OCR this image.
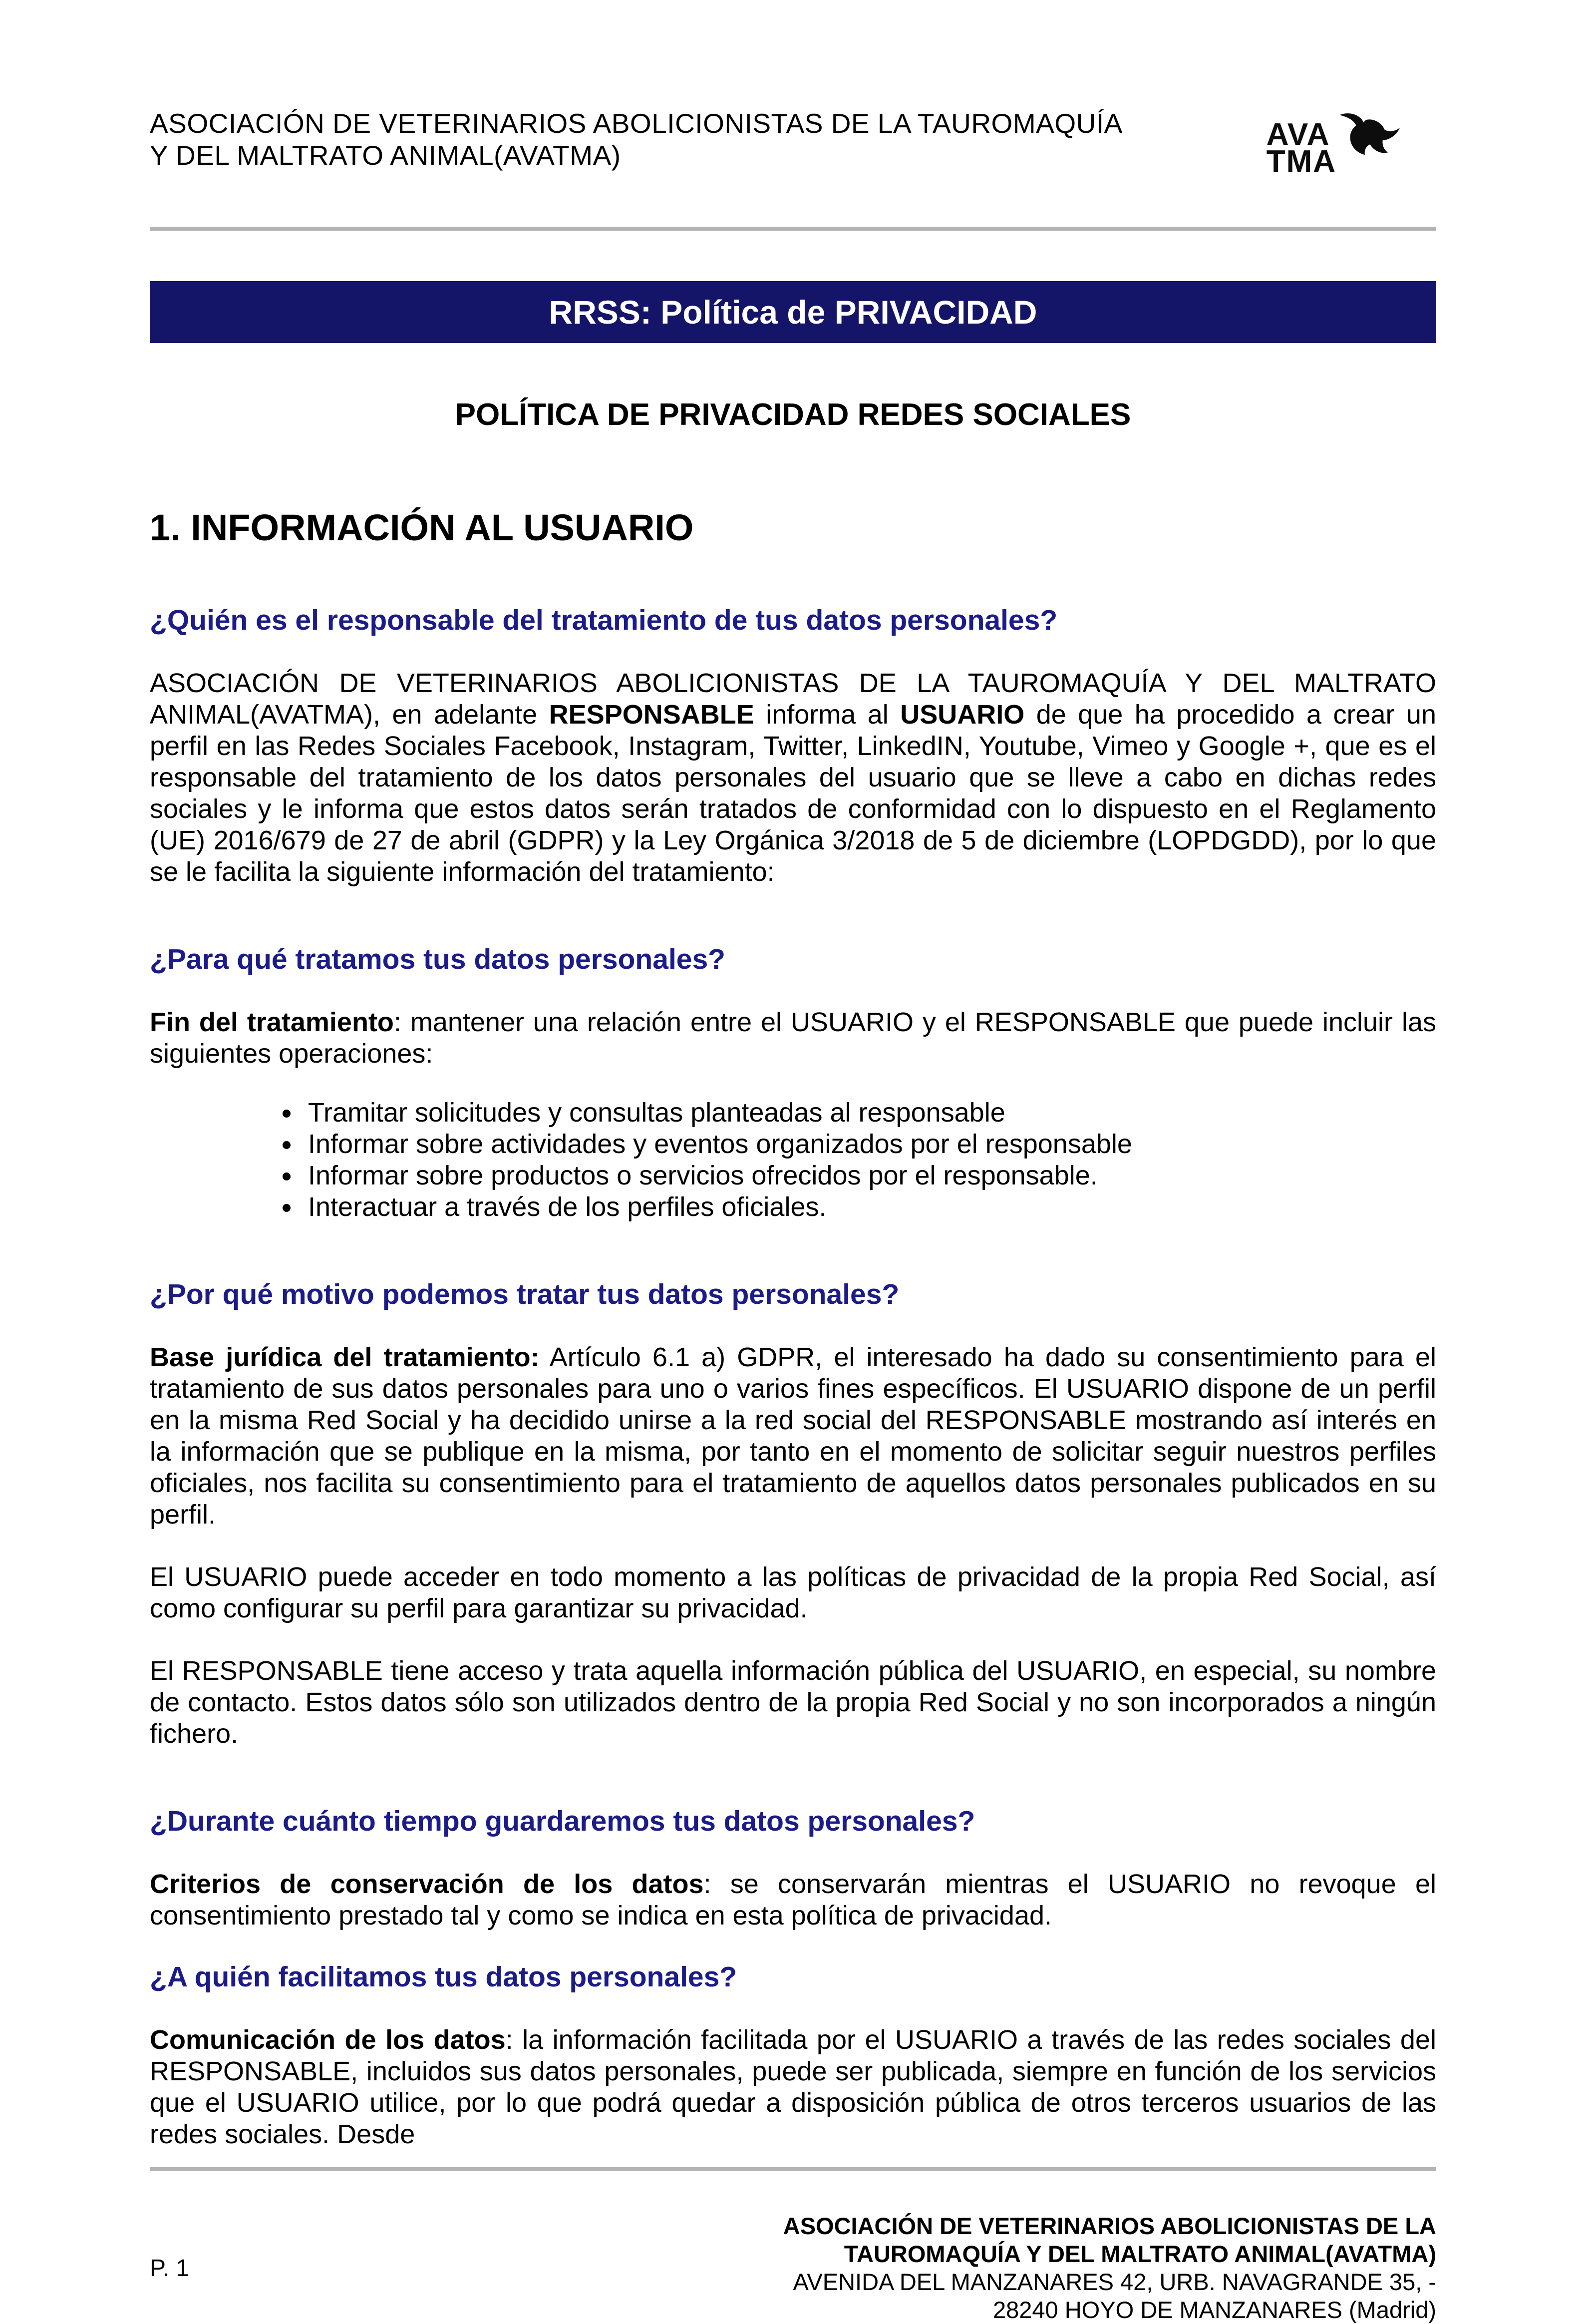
ASOCIACIÓN DE VETERINARIOS ABOLICIONISTAS DE LA TAUROMAQUÍA
Y DEL MALTRATO ANIMAL(AVATMA)
AVA
TMA
RRSS: Política de PRIVACIDAD
POLÍTICA DE PRIVACIDAD REDES SOCIALES
1. INFORMACIÓN AL USUARIO
¿Quién es el responsable del tratamiento de tus datos personales?

ASOCIACIÓN DE VETERINARIOS ABOLICIONISTAS DE LA TAUROMAQUÍA Y DEL MALTRATO ANIMAL(AVATMA), en adelante RESPONSABLE informa al USUARIO de que ha procedido a crear un perfil en las Redes Sociales Facebook, Instagram, Twitter, LinkedIN, Youtube, Vimeo y Google +, que es el responsable del tratamiento de los datos personales del usuario que se lleve a cabo en dichas redes sociales y le informa que estos datos serán tratados de conformidad con lo dispuesto en el Reglamento (UE) 2016/679 de 27 de abril (GDPR) y la Ley Orgánica 3/2018 de 5 de diciembre (LOPDGDD), por lo que se le facilita la siguiente información del tratamiento:

¿Para qué tratamos tus datos personales?

Fin del tratamiento: mantener una relación entre el USUARIO y el RESPONSABLE que puede incluir las siguientes operaciones:

• Tramitar solicitudes y consultas planteadas al responsable
• Informar sobre actividades y eventos organizados por el responsable
• Informar sobre productos o servicios ofrecidos por el responsable.
• Interactuar a través de los perfiles oficiales.
¿Por qué motivo podemos tratar tus datos personales?

Base jurídica del tratamiento: Artículo 6.1 a) GDPR, el interesado ha dado su consentimiento para el tratamiento de sus datos personales para uno o varios fines específicos. El USUARIO dispone de un perfil en la misma Red Social y ha decidido unirse a la red social del RESPONSABLE mostrando así interés en la información que se publique en la misma, por tanto en el momento de solicitar seguir nuestros perfiles oficiales, nos facilita su consentimiento para el tratamiento de aquellos datos personales publicados en su perfil.

El USUARIO puede acceder en todo momento a las políticas de privacidad de la propia Red Social, así como configurar su perfil para garantizar su privacidad.

El RESPONSABLE tiene acceso y trata aquella información pública del USUARIO, en especial, su nombre de contacto. Estos datos sólo son utilizados dentro de la propia Red Social y no son incorporados a ningún fichero.

¿Durante cuánto tiempo guardaremos tus datos personales?

Criterios de conservación de los datos: se conservarán mientras el USUARIO no revoque el consentimiento prestado tal y como se indica en esta política de privacidad.

¿A quién facilitamos tus datos personales?

Comunicación de los datos: la información facilitada por el USUARIO a través de las redes sociales del RESPONSABLE, incluidos sus datos personales, puede ser publicada, siempre en función de los servicios que el USUARIO utilice, por lo que podrá quedar a disposición pública de otros terceros usuarios de las redes sociales. Desde

P. 1
ASOCIACIÓN DE VETERINARIOS ABOLICIONISTAS DE LA
TAUROMAQUÍA Y DEL MALTRATO ANIMAL(AVATMA)
AVENIDA DEL MANZANARES 42, URB. NAVAGRANDE 35, -
28240 HOYO DE MANZANARES (Madrid)
